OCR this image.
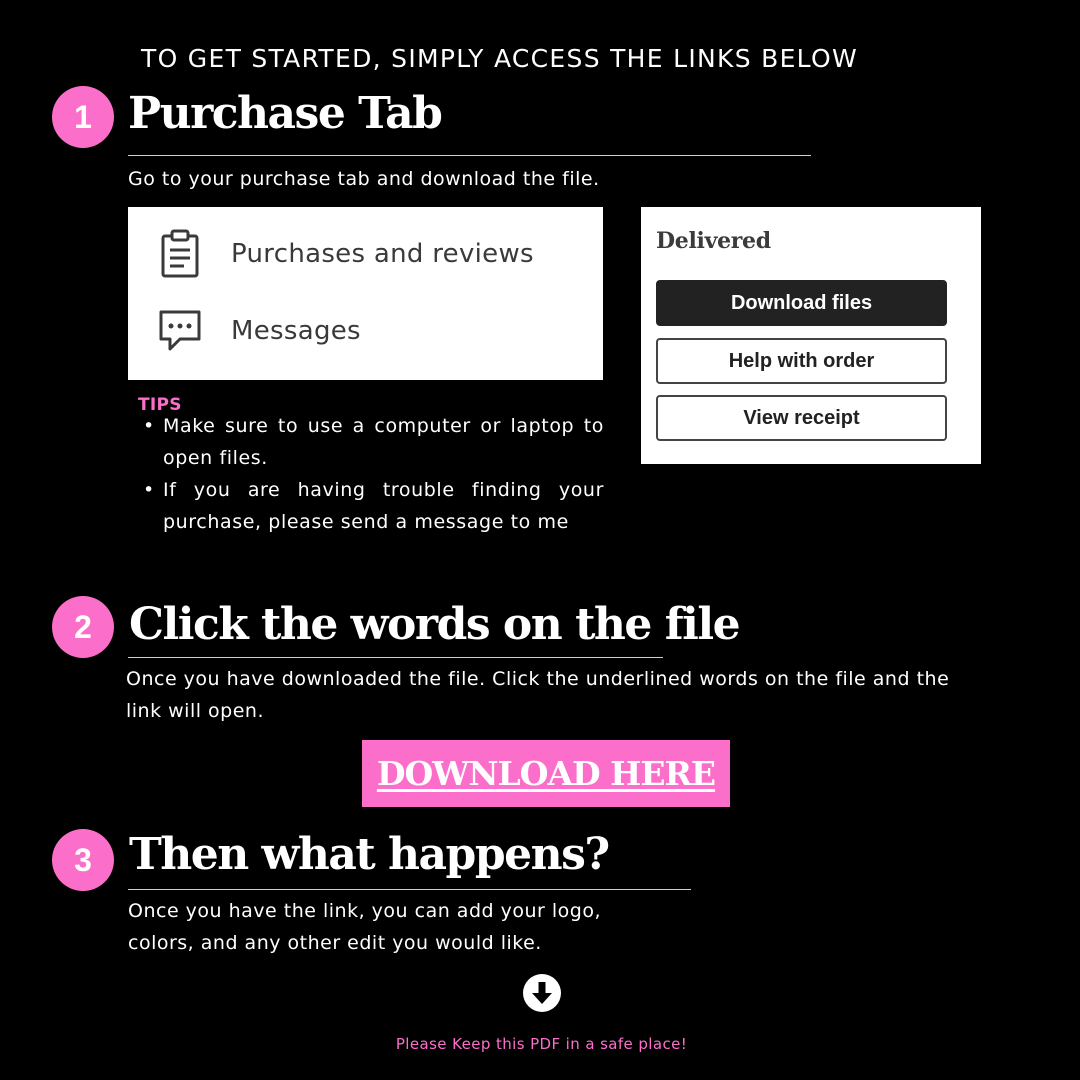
TO GET STARTED, SIMPLY ACCESS THE LINKS BELOW
1 Purchase Tab
Go to your purchase tab and download the file.
Purchases and reviews
Messages
Delivered
Download files
Help with order
View receipt
TIPS
• Make sure to use a computer or laptop to open files.
• If you are having trouble finding your purchase, please send a message to me
2 Click the words on the file
Once you have downloaded the file. Click the underlined words on the file and the link will open.
DOWNLOAD HERE
3 Then what happens?
Once you have the link, you can add your logo, colors, and any other edit you would like.
Please Keep this PDF in a safe place!
